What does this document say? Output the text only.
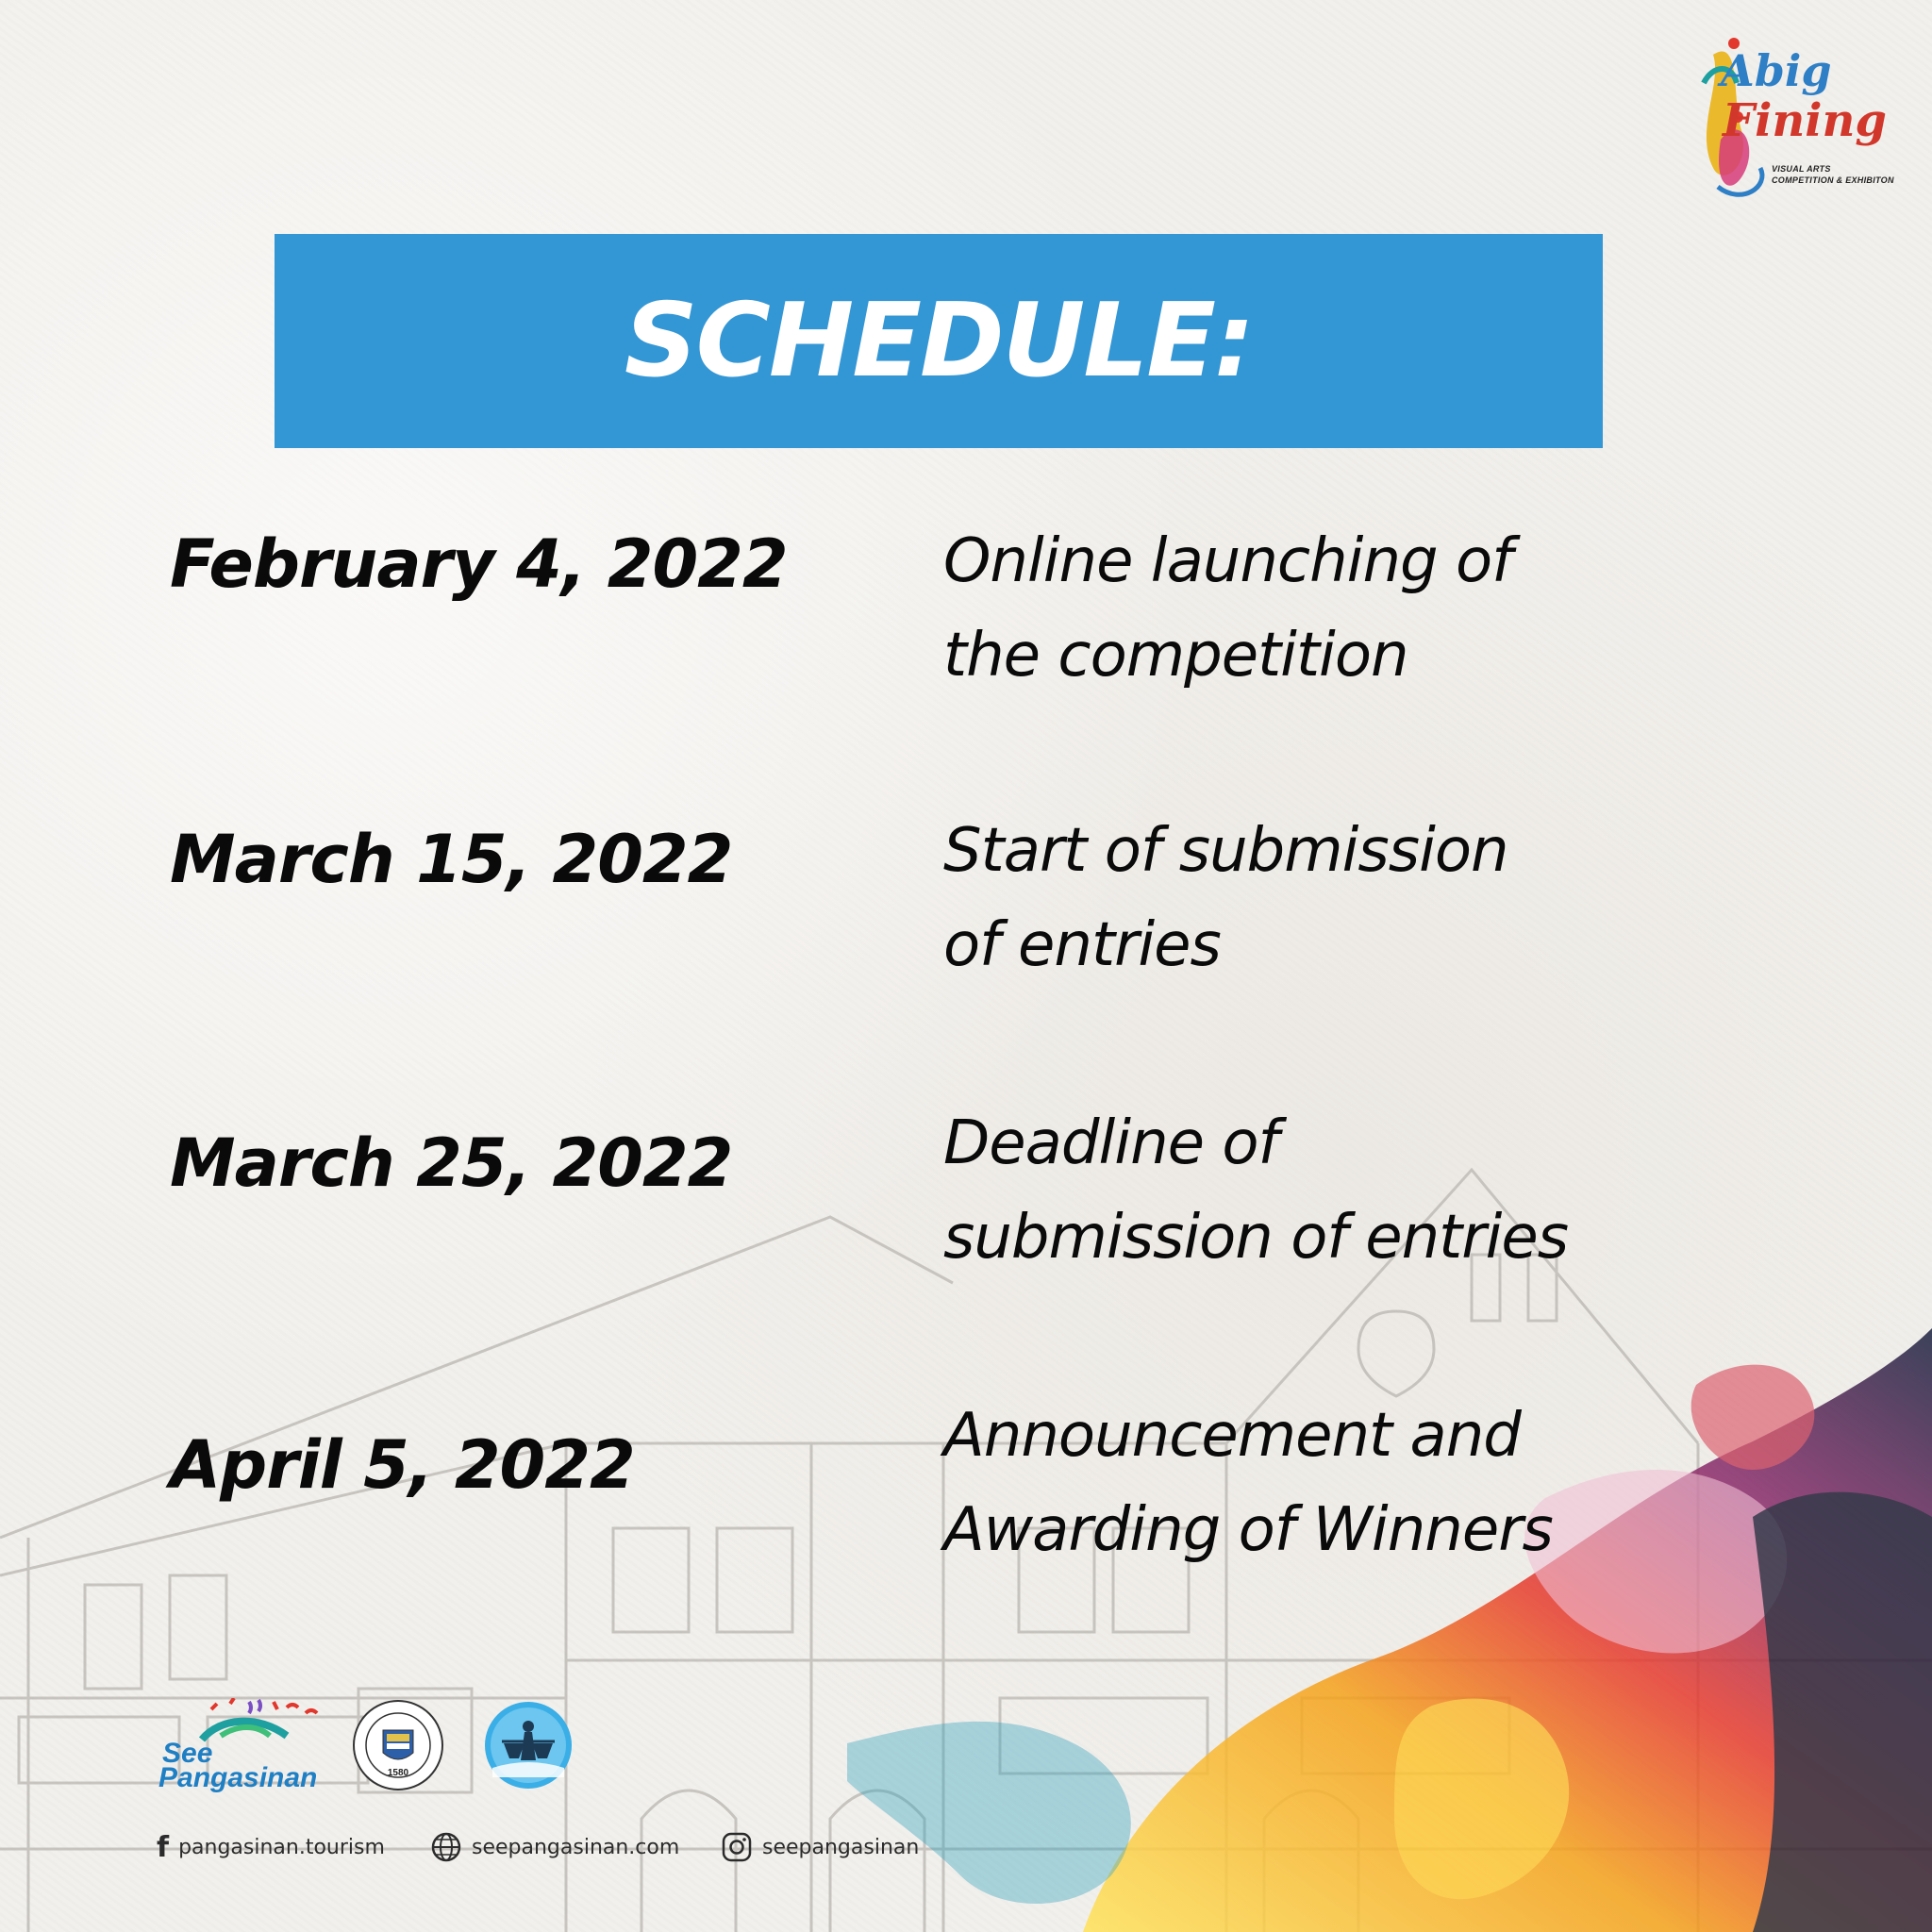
Abig
Fining
VISUAL ARTS
COMPETITION & EXHIBITON
SCHEDULE:
February 4, 2022	Online launching of
the competition
March 15, 2022	Start of submission
of entries
March 25, 2022	Deadline of
submission of entries
April 5, 2022	Announcement and
Awarding of Winners
See
Pangasinan	1580
f pangasinan.tourism	seepangasinan.com	seepangasinan
